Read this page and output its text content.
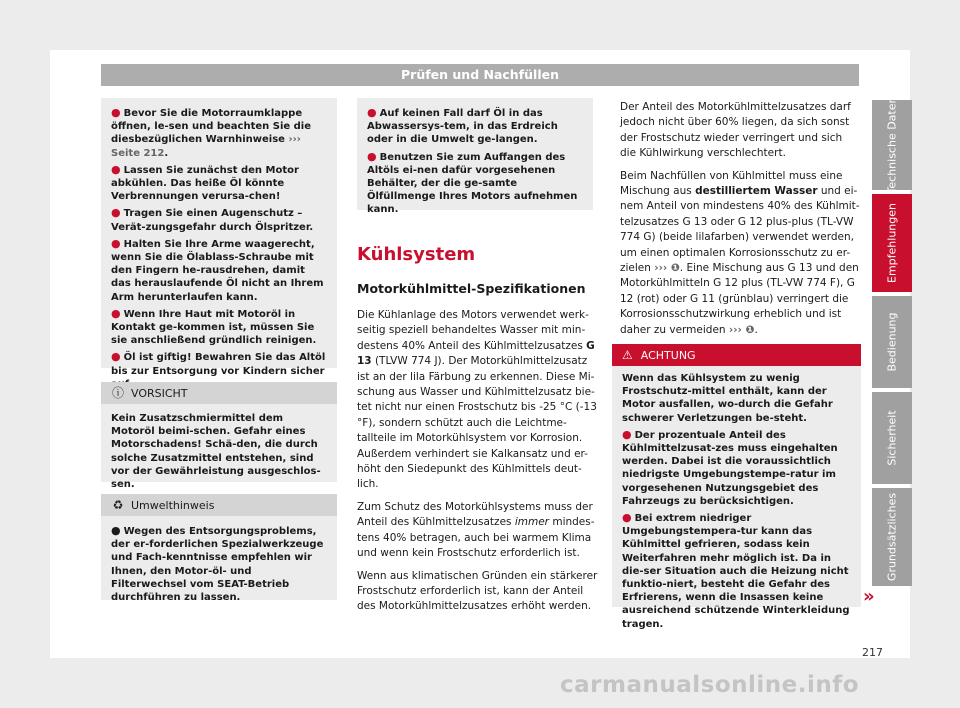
Prüfen und Nachfüllen
● Bevor Sie die Motorraumklappe öffnen, le-sen und beachten Sie die diesbezüglichen Warnhinweise ››› Seite 212.
● Lassen Sie zunächst den Motor abkühlen. Das heiße Öl könnte Verbrennungen verursa-chen!
● Tragen Sie einen Augenschutz – Verät-zungsgefahr durch Ölspritzer.
● Halten Sie Ihre Arme waagerecht, wenn Sie die Ölablass-Schraube mit den Fingern he-rausdrehen, damit das herauslaufende Öl nicht an Ihrem Arm herunterlaufen kann.
● Wenn Ihre Haut mit Motoröl in Kontakt ge-kommen ist, müssen Sie sie anschließend gründlich reinigen.
● Öl ist giftig! Bewahren Sie das Altöl bis zur Entsorgung vor Kindern sicher
ⓘ VORSICHT
Kein Zusatzschmiermittel dem Motoröl beimi-schen. Gefahr eines Motorschadens! Schä-den, die durch solche Zusatzmittel entstehen, sind vor der Gewährleistung ausgeschlos-sen.
♻ Umwelthinweis
● Wegen des Entsorgungsproblems, der er-forderlichen Spezialwerkzeuge und Fach-kenntnisse empfehlen wir Ihnen, den Motor-öl- und Filterwechsel vom SEAT-Betrieb durchführen zu lassen.
● Auf keinen Fall darf Öl in das Abwassersys-tem, in das Erdreich oder in die Umwelt ge-langen.
● Benutzen Sie zum Auffangen des Altöls ei-nen dafür vorgesehenen Behälter, der die ge-samte Ölfüllmenge Ihres Motors aufnehmen kann.
Kühlsystem
Motorkühlmittel-Spezifikationen

Die Kühlanlage des Motors verwendet werk-seitig speziell behandeltes Wasser mit min-destens 40% Anteil des Kühlmittelzusatzes G 13 (TLVW 774 J). Der Motorkühlmittelzusatz ist an der lila Färbung zu erkennen. Diese Mi-schung aus Wasser und Kühlmittelzusatz bie-tet nicht nur einen Frostschutz bis -25 °C (-13 °F), sondern schützt auch die Leichtme-tallteile im Motorkühlsystem vor Korrosion. Außerdem verhindert sie Kalkansatz und er-höht den Siedepunkt des Kühlmittels deut-lich.

Zum Schutz des Motorkühlsystems muss der Anteil des Kühlmittelzusatzes immer mindes-tens 40% betragen, auch bei warmem Klima und wenn kein Frostschutz erforderlich ist.

Wenn aus klimatischen Gründen ein stärkerer Frostschutz erforderlich ist, kann der Anteil des Motorkühlmittelzusatzes erhöht werden.

Der Anteil des Motorkühlmittelzusatzes darf jedoch nicht über 60% liegen, da sich sonst der Frostschutz wieder verringert und sich die Kühlwirkung verschlechtert.

Beim Nachfüllen von Kühlmittel muss eine Mischung aus destilliertem Wasser und ei-nem Anteil von mindestens 40% des Kühlmit-telzusatzes G 13 oder G 12 plus-plus (TL-VW 774 G) (beide lilafarben) verwendet werden, um einen optimalen Korrosionsschutz zu er-zielen ››› ❶. Eine Mischung aus G 13 und den Motorkühlmitteln G 12 plus (TL-VW 774 F), G 12 (rot) oder G 11 (grünblau) verringert die Korrosionsschutzwirkung erheblich und ist daher zu vermeiden ››› ❶.

⚠ ACHTUNG
Wenn das Kühlsystem zu wenig Frostschutz-mittel enthält, kann der Motor ausfallen, wo-durch die Gefahr schwerer Verletzungen be-steht.
● Der prozentuale Anteil des Kühlmittelzusat-zes muss eingehalten werden. Dabei ist die voraussichtlich niedrigste Umgebungstempe-ratur im vorgesehenen Nutzungsgebiet des Fahrzeugs zu berücksichtigen.
● Bei extrem niedriger Umgebungstempera-tur kann das Kühlmittel gefrieren, sodass kein Weiterfahren mehr möglich ist. Da in die-ser Situation auch die Heizung nicht funktio-niert, besteht die Gefahr des Erfrierens, wenn die Insassen keine ausreichend schützende Winterkleidung tragen.
»
Technische Daten
Empfehlungen
Bedienung
Sicherheit
Grundsätzliches
217
carmanualsonline.info
